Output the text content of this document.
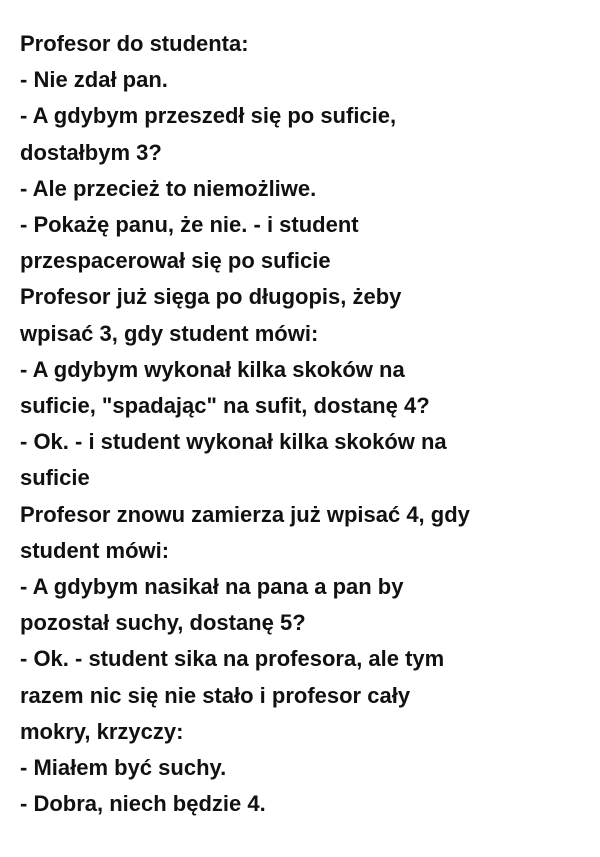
Profesor do studenta:
- Nie zdał pan.
- A gdybym przeszedł się po suficie,
dostałbym 3?
- Ale przecież to niemożliwe.
- Pokażę panu, że nie. - i student
przespacerował się po suficie
Profesor już sięga po długopis, żeby
wpisać 3, gdy student mówi:
- A gdybym wykonał kilka skoków na
suficie, "spadając" na sufit, dostanę 4?
- Ok. - i student wykonał kilka skoków na
suficie
Profesor znowu zamierza już wpisać 4, gdy
student mówi:
- A gdybym nasikał na pana a pan by
pozostał suchy, dostanę 5?
- Ok. - student sika na profesora, ale tym
razem nic się nie stało i profesor cały
mokry, krzyczy:
- Miałem być suchy.
- Dobra, niech będzie 4.
